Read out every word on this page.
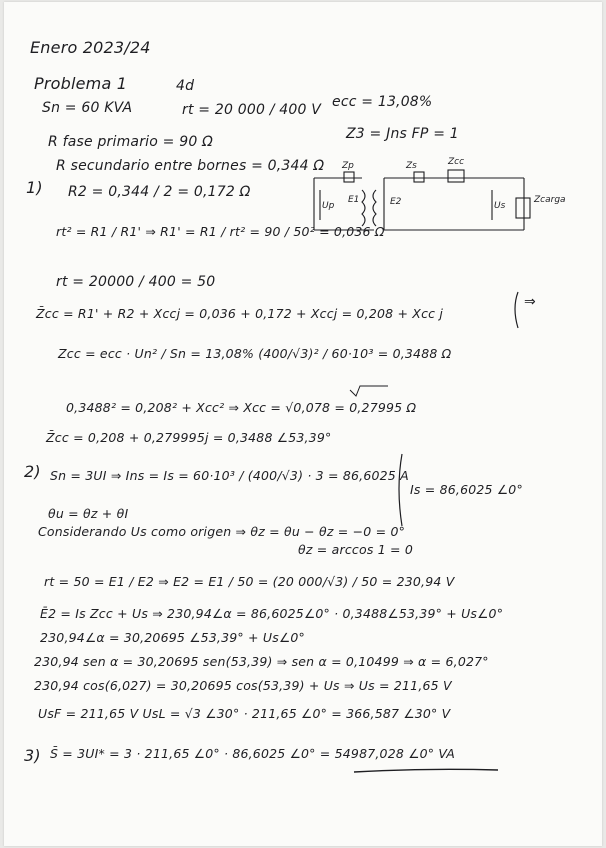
Enero 2023/24
Problema 1	4d
Sn = 60 KVA	rt = 20 000 / 400 V ecc = 13,08%
Z3 = Jns FP = 1
R fase primario = 90 Ω
R secundario entre bornes = 0,344 Ω
1) R2 = 0,344 / 2 = 0,172 Ω
rt² = R1 / R1' ⇒ R1' = R1 / rt² = 90 / 50² = 0,036 Ω
rt = 20000 / 400 = 50
Z̄cc = R1' + R2 + Xccj = 0,036 + 0,172 + Xccj = 0,208 + Xcc j
⇒
Zcc = ecc · Un² / Sn = 13,08% (400/√3)² / 60·10³ = 0,3488 Ω
0,3488² = 0,208² + Xcc² ⇒ Xcc = √0,078 = 0,27995 Ω
Z̄cc = 0,208 + 0,279995j = 0,3488 ∠53,39°
2) Sn = 3UI ⇒ Ins = Is = 60·10³ / (400/√3) · 3 = 86,6025 A
Is = 86,6025 ∠0°
θu = θz + θI
Considerando Us como origen ⇒ θz = θu − θz = −0 = 0°
θz = arccos 1 = 0
rt = 50 = E1 / E2 ⇒ E2 = E1 / 50 = (20 000/√3) / 50 = 230,94 V
Ē2 = Is Zcc + Us ⇒ 230,94∠α = 86,6025∠0° · 0,3488∠53,39° + Us∠0°
230,94∠α = 30,20695 ∠53,39° + Us∠0°
230,94 sen α = 30,20695 sen(53,39) ⇒ sen α = 0,10499 ⇒ α = 6,027°
230,94 cos(6,027) = 30,20695 cos(53,39) + Us ⇒ Us = 211,65 V
UsF = 211,65 V UsL = √3 ∠30° · 211,65 ∠0° = 366,587 ∠30° V
3) S̄ = 3UI* = 3 · 211,65 ∠0° · 86,6025 ∠0° = 54987,028 ∠0° VA
Zp	Zs	Zcc
Up
E1	E2	Us
Zcarga
